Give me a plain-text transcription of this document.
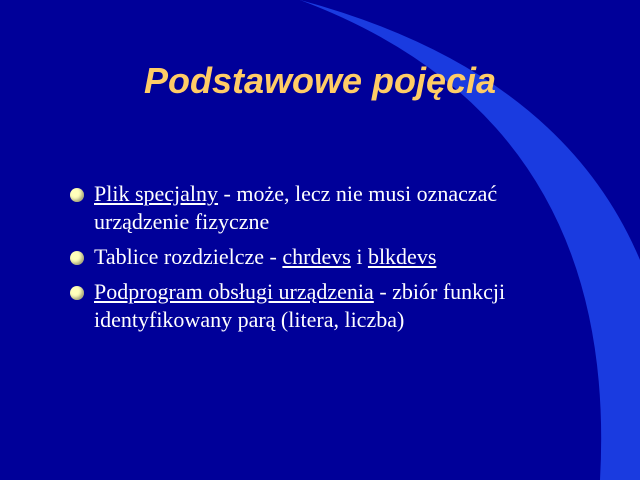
Podstawowe pojęcia
Plik specjalny - może, lecz nie musi oznaczać urządzenie fizyczne
Tablice rozdzielcze - chrdevs i blkdevs
Podprogram obsługi urządzenia - zbiór funkcji identyfikowany parą (litera, liczba)
